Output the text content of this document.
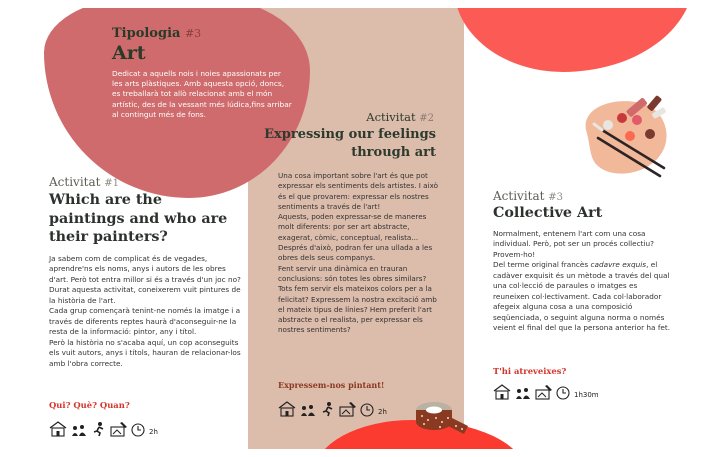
Tipologia #3
Art
Dedicat a aquells nois i noies apassionats per les arts plàstiques. Amb aquesta opció, doncs, es treballarà tot allò relacionat amb el món artístic, des de la vessant més lúdica,fins arribar al contingut més de fons.
Activitat #1
Which are the paintings and who are their painters?
Ja sabem com de complicat és de vegades, aprendre'ns els noms, anys i autors de les obres d'art. Però tot entra millor si és a través d'un joc no?
Durat aquesta activitat, coneixerem vuit pintures de la història de l'art.
Cada grup començarà tenint-ne només la imatge i a través de diferents reptes haurà d'aconseguir-ne la resta de la informació: pintor, any i títol.
Però la història no s'acaba aquí, un cop aconseguits els vuit autors, anys i títols, hauran de relacionar-los amb l'obra correcte.
Qui? Què? Quan?
2h
Activitat #2
Expressing our feelings through art
Una cosa important sobre l'art és que pot expressar els sentiments dels artistes. I això és el que provarem: expressar els nostres sentiments a través de l'art!
Aquests, poden expressar-se de maneres molt diferents: por ser art abstracte, exagerat, còmic, conceptual, realista...
Després d'això, podran fer una ullada a les obres dels seus companys.
Fent servir una dinàmica en trauran conclusions: són totes les obres similars? Tots fem servir els mateixos colors per a la felicitat? Expressem la nostra excitació amb el mateix tipus de línies? Hem preferit l'art abstracte o el realista, per expressar els nostres sentiments?
Expressem-nos pintant!
2h
Activitat #3
Collective Art
Normalment, entenem l'art com una cosa individual. Però, pot ser un procés collectiu? Provem-ho!
Del terme original francès cadavre exquis, el cadàver exquisit és un mètode a través del qual una col·lecció de paraules o imatges es reuneixen col·lectivament. Cada col·laborador afegeix alguna cosa a una composició seqüenciada, o seguint alguna norma o només veient el final del que la persona anterior ha fet.
T'hi atreveixes?
1h30m
